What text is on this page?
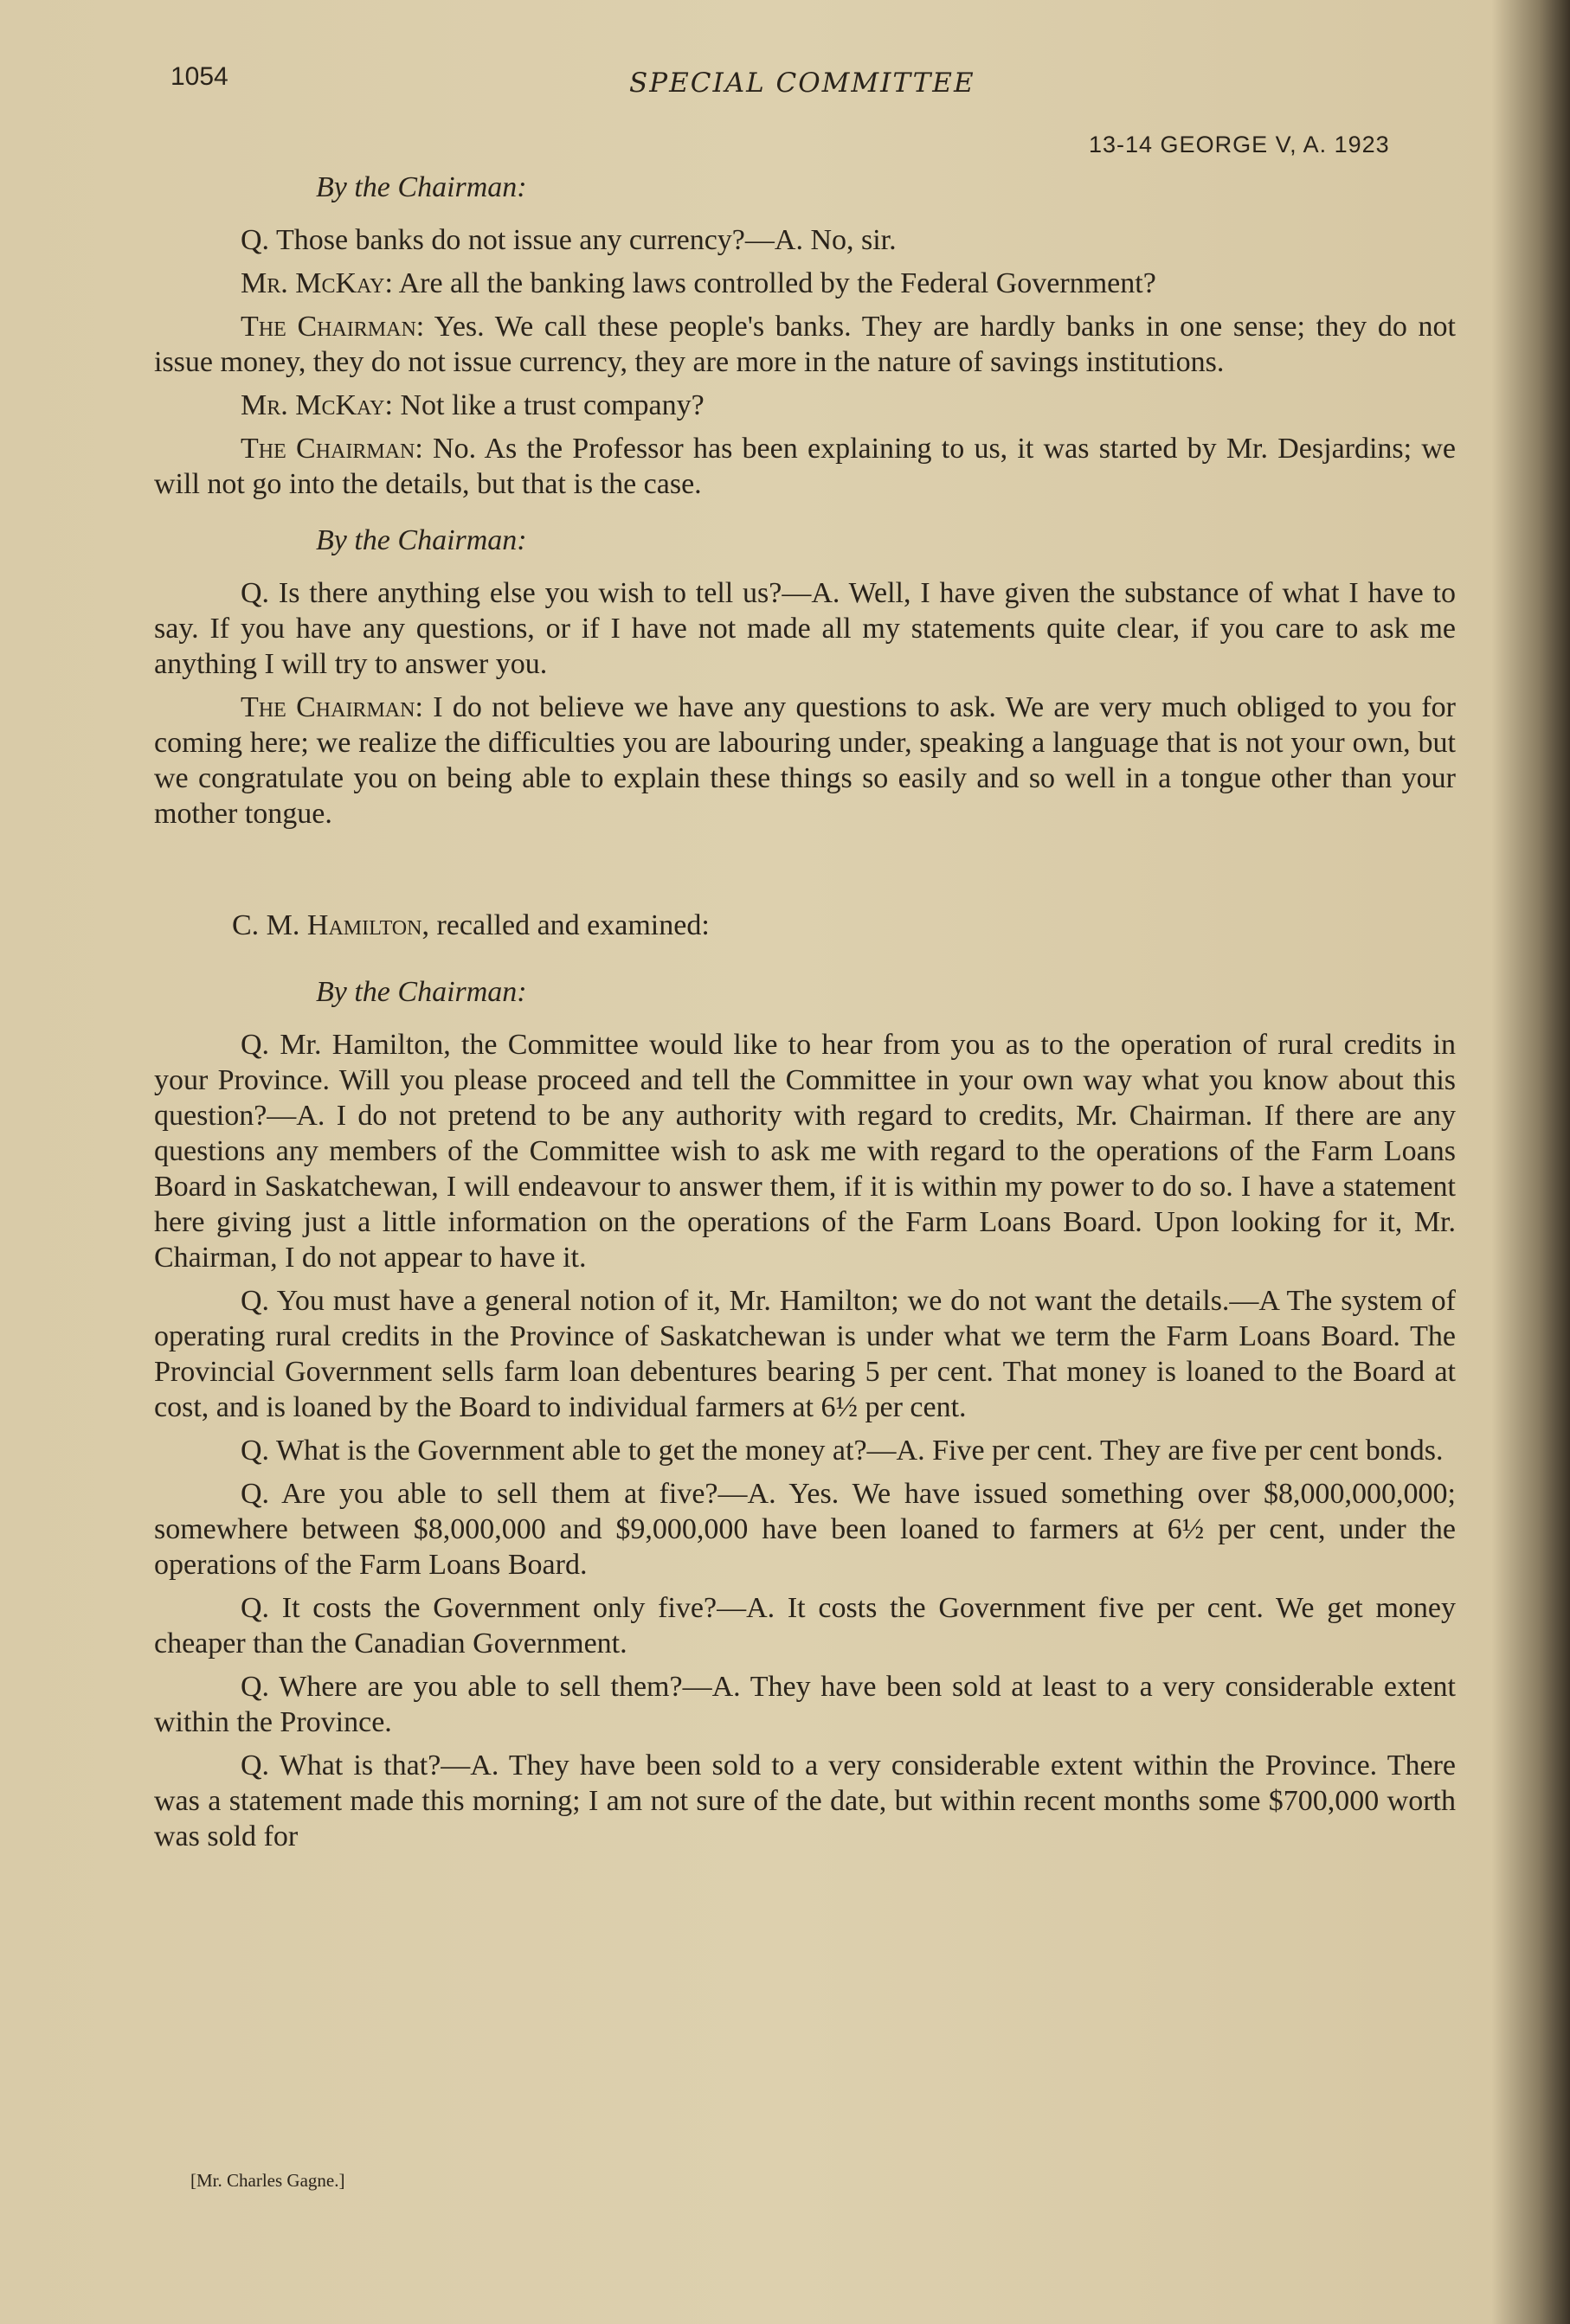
1054	SPECIAL COMMITTEE
13-14 GEORGE V, A. 1923

By the Chairman:

Q. Those banks do not issue any currency?—A. No, sir.

Mr. McKay: Are all the banking laws controlled by the Federal Government?

The Chairman: Yes. We call these people's banks. They are hardly banks in one sense; they do not issue money, they do not issue currency, they are more in the nature of savings institutions.

Mr. McKay: Not like a trust company?

The Chairman: No. As the Professor has been explaining to us, it was started by Mr. Desjardins; we will not go into the details, but that is the case.

By the Chairman:

Q. Is there anything else you wish to tell us?—A. Well, I have given the substance of what I have to say. If you have any questions, or if I have not made all my statements quite clear, if you care to ask me anything I will try to answer you.

The Chairman: I do not believe we have any questions to ask. We are very much obliged to you for coming here; we realize the difficulties you are labouring under, speaking a language that is not your own, but we congratulate you on being able to explain these things so easily and so well in a tongue other than your mother tongue.

C. M. Hamilton, recalled and examined:

By the Chairman:

Q. Mr. Hamilton, the Committee would like to hear from you as to the operation of rural credits in your Province. Will you please proceed and tell the Committee in your own way what you know about this question?—A. I do not pretend to be any authority with regard to credits, Mr. Chairman. If there are any questions any members of the Committee wish to ask me with regard to the operations of the Farm Loans Board in Saskatchewan, I will endeavour to answer them, if it is within my power to do so. I have a statement here giving just a little information on the operations of the Farm Loans Board. Upon looking for it, Mr. Chairman, I do not appear to have it.

Q. You must have a general notion of it, Mr. Hamilton; we do not want the details.—A The system of operating rural credits in the Province of Saskatchewan is under what we term the Farm Loans Board. The Provincial Government sells farm loan debentures bearing 5 per cent. That money is loaned to the Board at cost, and is loaned by the Board to individual farmers at 6½ per cent.

Q. What is the Government able to get the money at?—A. Five per cent. They are five per cent bonds.

Q. Are you able to sell them at five?—A. Yes. We have issued something over $8,000,000,000; somewhere between $8,000,000 and $9,000,000 have been loaned to farmers at 6½ per cent, under the operations of the Farm Loans Board.

Q. It costs the Government only five?—A. It costs the Government five per cent. We get money cheaper than the Canadian Government.

Q. Where are you able to sell them?—A. They have been sold at least to a very considerable extent within the Province.

Q. What is that?—A. They have been sold to a very considerable extent within the Province. There was a statement made this morning; I am not sure of the date, but within recent months some $700,000 worth was sold for

[Mr. Charles Gagne.]
